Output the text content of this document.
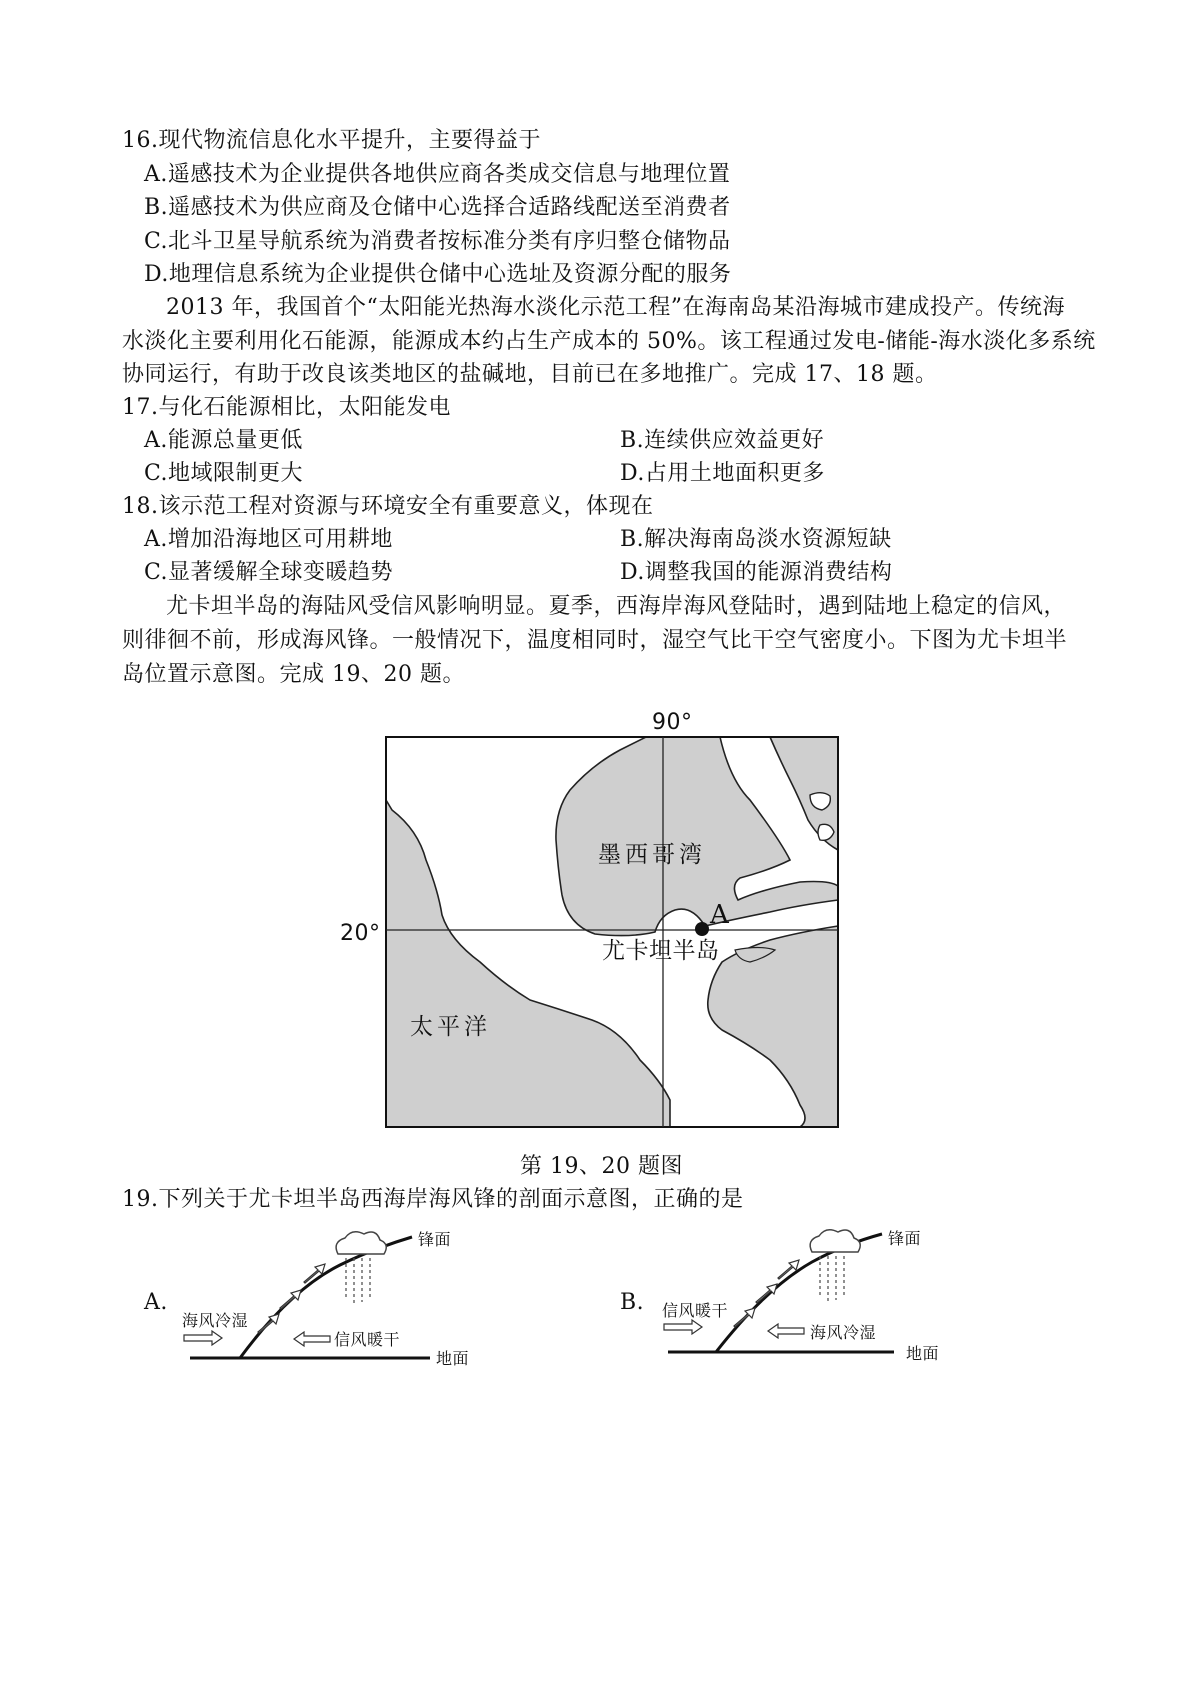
16.现代物流信息化水平提升，主要得益于
A.遥感技术为企业提供各地供应商各类成交信息与地理位置
B.遥感技术为供应商及仓储中心选择合适路线配送至消费者
C.北斗卫星导航系统为消费者按标准分类有序归整仓储物品
D.地理信息系统为企业提供仓储中心选址及资源分配的服务
2013 年，我国首个“太阳能光热海水淡化示范工程”在海南岛某沿海城市建成投产。传统海
水淡化主要利用化石能源，能源成本约占生产成本的 50%。该工程通过发电-储能-海水淡化多系统
协同运行，有助于改良该类地区的盐碱地，目前已在多地推广。完成 17、18 题。
17.与化石能源相比，太阳能发电
A.能源总量更低	B.连续供应效益更好
C.地域限制更大	D.占用土地面积更多
18.该示范工程对资源与环境安全有重要意义，体现在
A.增加沿海地区可用耕地	B.解决海南岛淡水资源短缺
C.显著缓解全球变暖趋势	D.调整我国的能源消费结构
尤卡坦半岛的海陆风受信风影响明显。夏季，西海岸海风登陆时，遇到陆地上稳定的信风，
则徘徊不前，形成海风锋。一般情况下，温度相同时，湿空气比干空气密度小。下图为尤卡坦半
岛位置示意图。完成 19、20 题。
90°
20°
墨西哥湾
尤卡坦半岛
太平洋
A
第 19、20 题图
19.下列关于尤卡坦半岛西海岸海风锋的剖面示意图，正确的是
A.
海风冷湿
信风暖干
锋面
地面
B. 信风暖干
海风冷湿
锋面
地面
